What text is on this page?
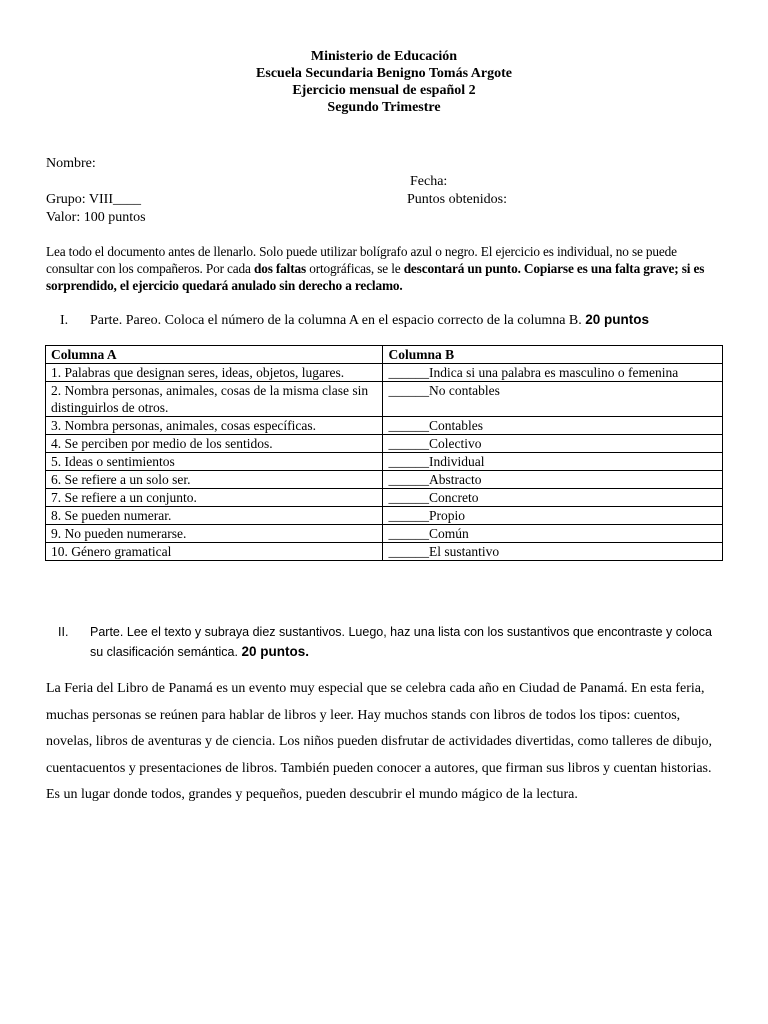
Ministerio de Educación
Escuela Secundaria Benigno Tomás Argote
Ejercicio mensual de español 2
Segundo Trimestre
Nombre:
Fecha:
Grupo: VIII____	Puntos obtenidos:
Valor: 100 puntos
Lea todo el documento antes de llenarlo. Solo puede utilizar bolígrafo azul o negro. El ejercicio es individual, no se puede consultar con los compañeros. Por cada dos faltas ortográficas, se le descontará un punto. Copiarse es una falta grave; si es sorprendido, el ejercicio quedará anulado sin derecho a reclamo.
I. Parte. Pareo. Coloca el número de la columna A en el espacio correcto de la columna B. 20 puntos
Columna A	Columna B
1. Palabras que designan seres, ideas, objetos, lugares.	______Indica si una palabra es masculino o femenina
2. Nombra personas, animales, cosas de la misma clase sin distinguirlos de otros.	______No contables
3. Nombra personas, animales, cosas específicas.	______Contables
4. Se perciben por medio de los sentidos.	______Colectivo
5. Ideas o sentimientos	______Individual
6. Se refiere a un solo ser.	______Abstracto
7. Se refiere a un conjunto.	______Concreto
8. Se pueden numerar.	______Propio
9. No pueden numerarse.	______Común
10. Género gramatical	______El sustantivo
II. Parte. Lee el texto y subraya diez sustantivos. Luego, haz una lista con los sustantivos que encontraste y coloca su clasificación semántica. 20 puntos.
La Feria del Libro de Panamá es un evento muy especial que se celebra cada año en Ciudad de Panamá. En esta feria, muchas personas se reúnen para hablar de libros y leer. Hay muchos stands con libros de todos los tipos: cuentos, novelas, libros de aventuras y de ciencia. Los niños pueden disfrutar de actividades divertidas, como talleres de dibujo, cuentacuentos y presentaciones de libros. También pueden conocer a autores, que firman sus libros y cuentan historias. Es un lugar donde todos, grandes y pequeños, pueden descubrir el mundo mágico de la lectura.
